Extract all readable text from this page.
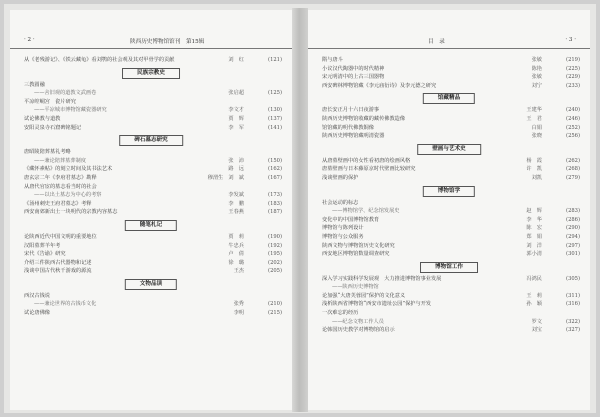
· 2 ·	陕西历史博物馆馆刊　第15辑
从《老残游记》、《铁云藏龟》看刘鹗的社会观及其对甲骨学的贡献	刘　红	(121)
民族宗教史
三教圆融
——舍旧观的道教文武画卷	张启超	(125)
平凉崆峒宫　瓷片研究
——平凉城市博物馆藏瓷器研究	李文才	(130)
试论佛教与道教	贾　辉	(137)
安阳灵泉寺石窟碑铭题记	李　军	(141)
碑石墓志研究
唐昭陵陪葬墓礼考略
——兼论陪葬墓葬制度	张　沛	(150)
《藏怀素帖》的刻立时间及其书法艺术	路　远	(162)
唐玄宗二年《李府君墓志》勘释	穆渭生　刘　斌	(167)
从唐代官宦的墓志看当时的社会
——以出土墓志为中心的考察	李发斌	(173)
《汤州刺史王府君墓志》考释	李　鹏	(183)
西安南郊新出土一块明代的宗教内容墓志	王春燕	(187)
随笔札记
论陕西近代中国文明的重要地位	贾　莉	(190)
汉阳墓葬羊年考	牛忠兵	(192)
宋代《告谕》研究	卢　倩	(195)
介绍三件陕西古代器物和记述	徐　璐	(202)
浅谈中国古代秋千游戏的源流	王杰	(205)
文物品读
西汉古钱说
——兼论世界的古钱币文化	张秀	(210)
试论唐佛像	李明	(215)
目　录	· 3 ·
隋与唐斗	张敏	(219)
小议汉代陶器中的时代精神	陈艳	(225)
宋元明清中的上古三国器物	张敏	(229)
西安碑林博物馆藏《李元庙衍诗》及李元德之研究	刘宁	(233)
馆藏精品
唐长安正月十六日夜游事	王建华	(240)
陕西历史博物馆收藏的藏传佛教造像	王　君	(246)
馆馆藏的明代佛教铜像	白娟	(252)
陕西历史博物馆藏明清瓷器	张晓	(256)
壁画与艺术史
从唐墓壁画中的女性看初唐的绘画风格	杨　霞	(262)
唐墓壁画与日本藤原京时代壁画比较研究	许　凯	(268)
浅谈壁画的保护	刘凯	(279)
博物馆学
社会运动的标志
——博物馆学、纪念馆发展史	赵　辉	(283)
变化中的中国博物馆教育	李　华	(286)
博物馆与陈列设计	陈　宏	(290)
博物馆与公众服务	郑　娟	(294)
陕西文物与博物馆历史文化研究	刘　洋	(297)
西安地区博物馆数量调查研究	郭小清	(301)
博物馆工作
深入学习实践科学发展观　大力推进博物馆事业发展	冯鸿民	(305)
——陕西历史博物馆
论加强“大唐芙蓉园”保护的文化意义	王　莉	(311)
浅析陕西省博物馆“西安市遗址公园”保护与开发	孙　颖	(316)
一次难忘的经历
——纪念文物工作人员	罗文	(322)
论韩国历史教学对博物馆的启示	刘宝	(327)
